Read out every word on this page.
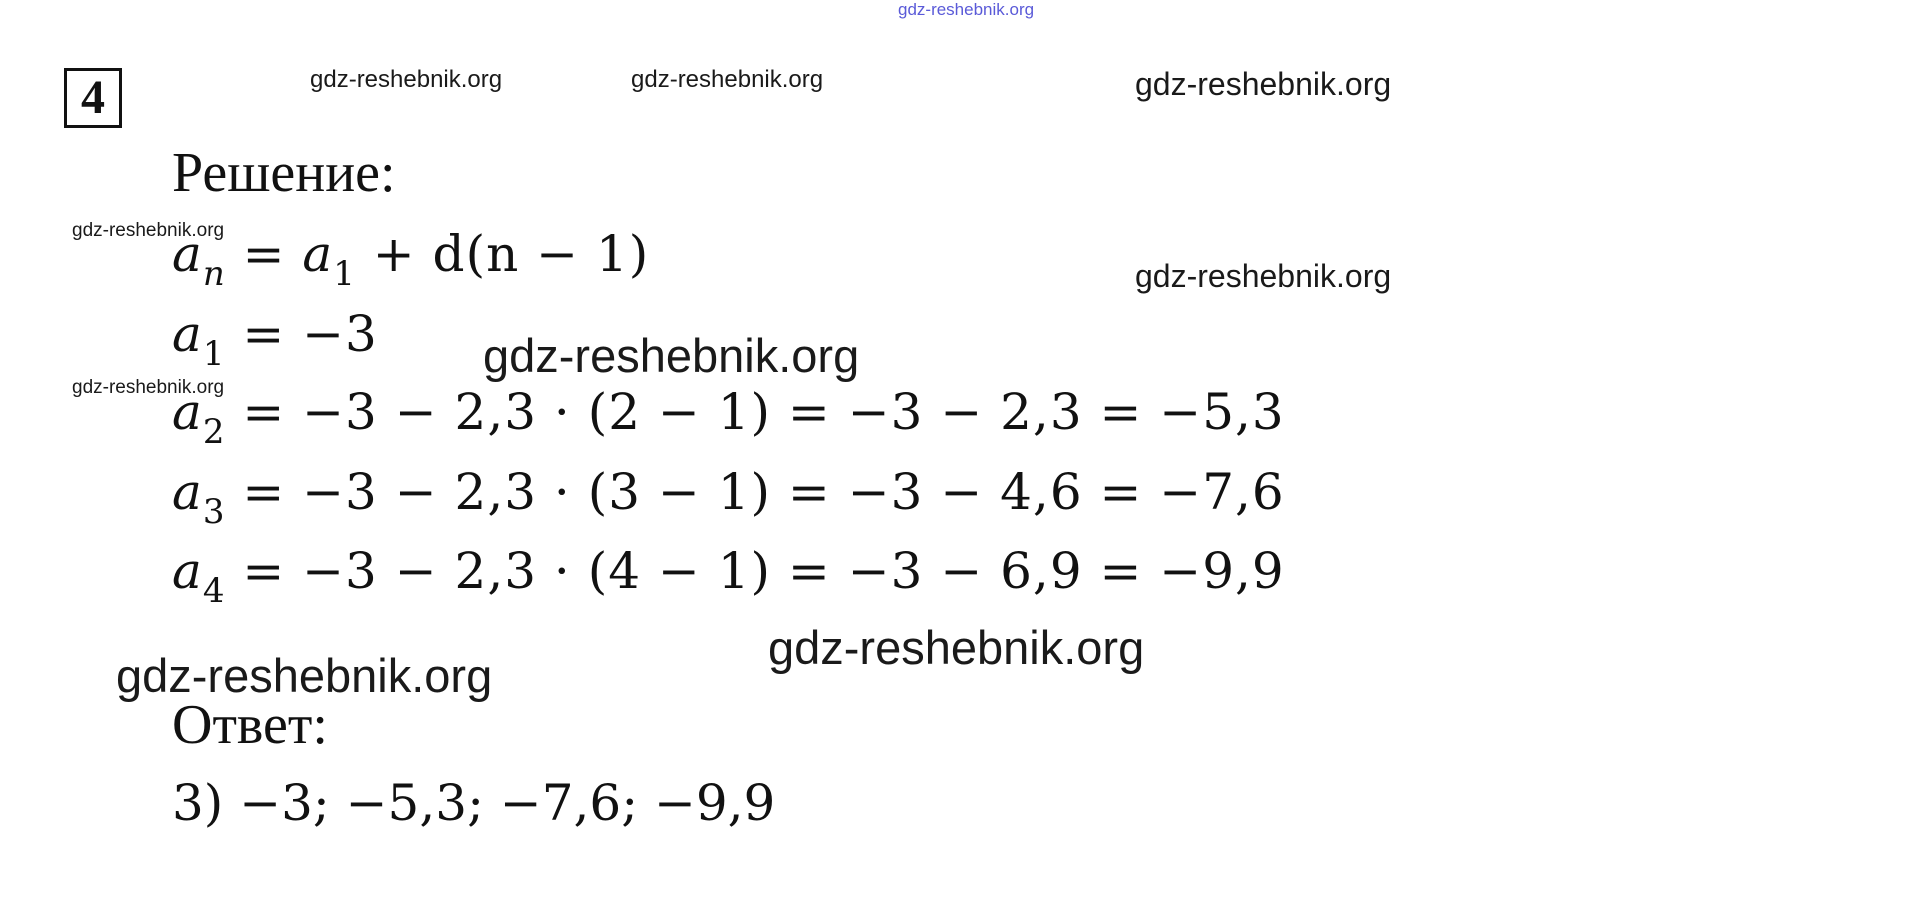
gdz-reshebnik.org
gdz-reshebnik.org	gdz-reshebnik.org	gdz-reshebnik.org
gdz-reshebnik.org
gdz-reshebnik.org
gdz-reshebnik.org
4
Решение:
$a_n = a_1 + d(n - 1)$
$a_1 = -3$
$a_2 = -3 - 2,3 \cdot (2 - 1) = -3 - 2,3 = -5,3$
$a_3 = -3 - 2,3 \cdot (3 - 1) = -3 - 4,6 = -7,6$
$a_4 = -3 - 2,3 \cdot (4 - 1) = -3 - 6,9 = -9,9$
gdz-reshebnik.org
gdz-reshebnik.org
gdz-reshebnik.org
Ответ:
3) −3; −5,3; −7,6; −9,9
